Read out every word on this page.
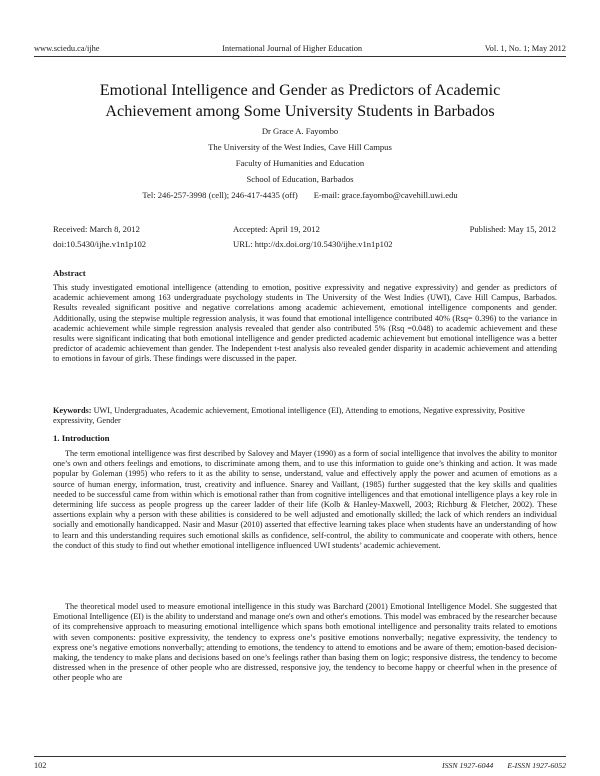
www.sciedu.ca/ijhe	International Journal of Higher Education	Vol. 1, No. 1; May 2012
Emotional Intelligence and Gender as Predictors of Academic
Achievement among Some University Students in Barbados
Dr Grace A. Fayombo
The University of the West Indies, Cave Hill Campus
Faculty of Humanities and Education
School of Education, Barbados
Tel: 246-257-3998 (cell); 246-417-4435 (off) E-mail: grace.fayombo@cavehill.uwi.edu
Received: March 8, 2012	Accepted: April 19, 2012	Published: May 15, 2012
doi:10.5430/ijhe.v1n1p102	URL: http://dx.doi.org/10.5430/ijhe.v1n1p102
Abstract

This study investigated emotional intelligence (attending to emotion, positive expressivity and negative expressivity) and gender as predictors of academic achievement among 163 undergraduate psychology students in The University of the West Indies (UWI), Cave Hill Campus, Barbados. Results revealed significant positive and negative correlations among academic achievement, emotional intelligence components and gender. Additionally, using the stepwise multiple regression analysis, it was found that emotional intelligence contributed 40% (Rsq= 0.396) to the variance in academic achievement while simple regression analysis revealed that gender also contributed 5% (Rsq =0.048) to academic achievement and these results were significant indicating that both emotional intelligence and gender predicted academic achievement but emotional intelligence was a better predictor of academic achievement than gender. The Independent t-test analysis also revealed gender disparity in academic achievement and attending to emotions in favour of girls. These findings were discussed in the paper.

Keywords: UWI, Undergraduates, Academic achievement, Emotional intelligence (EI), Attending to emotions, Negative expressivity, Positive expressivity, Gender

1. Introduction

The term emotional intelligence was first described by Salovey and Mayer (1990) as a form of social intelligence that involves the ability to monitor one’s own and others feelings and emotions, to discriminate among them, and to use this information to guide one’s thinking and action. It was made popular by Goleman (1995) who refers to it as the ability to sense, understand, value and effectively apply the power and acumen of emotions as a source of human energy, information, trust, creativity and influence. Snarey and Vaillant, (1985) further suggested that the key skills and qualities needed to be successful came from within which is emotional rather than from cognitive intelligences and that emotional intelligence plays a key role in determining life success as people progress up the career ladder of their life (Kolb & Hanley-Maxwell, 2003; Richburg & Fletcher, 2002). These assertions explain why a person with these abilities is considered to be well adjusted and emotionally skilled; the lack of which renders an individual socially and emotionally handicapped. Nasir and Masur (2010) asserted that effective learning takes place when students have an understanding of how to learn and this understanding requires such emotional skills as confidence, self-control, the ability to communicate and cooperate with others, hence the conduct of this study to find out whether emotional intelligence influenced UWI students’ academic achievement.

The theoretical model used to measure emotional intelligence in this study was Barchard (2001) Emotional Intelligence Model. She suggested that Emotional Intelligence (EI) is the ability to understand and manage one's own and other's emotions. This model was embraced by the researcher because of its comprehensive approach to measuring emotional intelligence which spans both emotional intelligence and personality traits related to emotions with seven components: positive expressivity, the tendency to express one’s positive emotions nonverbally; negative expressivity, the tendency to express one’s negative emotions nonverbally; attending to emotions, the tendency to attend to emotions and be aware of them; emotion-based decision-making, the tendency to make plans and decisions based on one’s feelings rather than basing them on logic; responsive distress, the tendency to become distressed when in the presence of other people who are distressed, responsive joy, the tendency to become happy or cheerful when in the presence of other people who are

102	ISSN 1927-6044 E-ISSN 1927-6052
